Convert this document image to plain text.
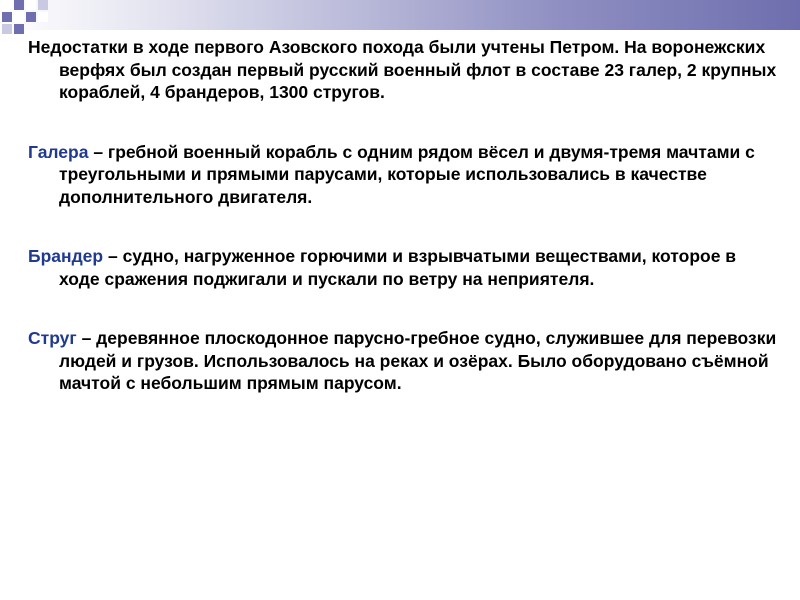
Недостатки в ходе первого Азовского похода были учтены Петром. На воронежских верфях был создан первый русский военный флот в составе 23 галер, 2 крупных кораблей, 4 брандеров, 1300 стругов.

Галера – гребной военный корабль с одним рядом вёсел и двумя-тремя мачтами с треугольными и прямыми парусами, которые использовались в качестве дополнительного двигателя.

Брандер – судно, нагруженное горючими и взрывчатыми веществами, которое в ходе сражения поджигали и пускали по ветру на неприятеля.

Струг – деревянное плоскодонное парусно-гребное судно, служившее для перевозки людей и грузов. Использовалось на реках и озёрах. Было оборудовано съёмной мачтой с небольшим прямым парусом.
